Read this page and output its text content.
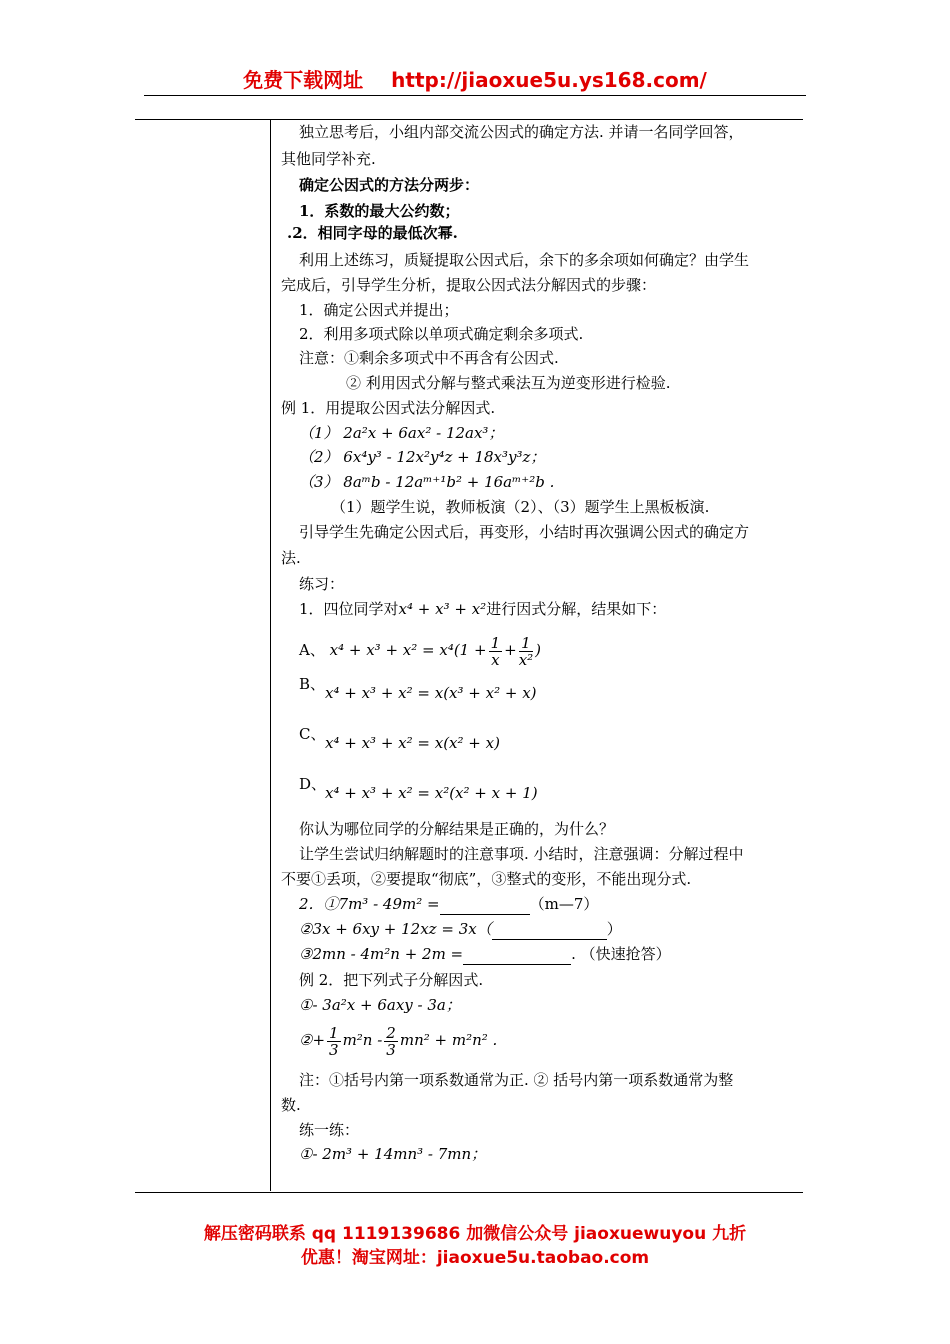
免费下载网址 http://jiaoxue5u.ys168.com/
独立思考后，小组内部交流公因式的确定方法. 并请一名同学回答，
其他同学补充.
确定公因式的方法分两步：
1．系数的最大公约数；
.2．相同字母的最低次幂.
利用上述练习，质疑提取公因式后，余下的多余项如何确定？由学生
完成后，引导学生分析，提取公因式法分解因式的步骤：
1．确定公因式并提出；
2．利用多项式除以单项式确定剩余多项式.
注意：①剩余多项式中不再含有公因式.
② 利用因式分解与整式乘法互为逆变形进行检验.
例 1．用提取公因式法分解因式.
（1） 2a²x + 6ax² - 12ax³；
（2） 6x⁴y³ - 12x²y⁴z + 18x³y³z；
（3） 8aᵐb - 12aᵐ⁺¹b² + 16aᵐ⁺²b .
（1）题学生说，教师板演（2）、（3）题学生上黑板板演.
引导学生先确定公因式后，再变形，小结时再次强调公因式的确定方
法.
练习：
1．四位同学对x⁴ + x³ + x²进行因式分解，结果如下：
A、 $x^4 + x^3 + x^2 = x^4(1 + \frac{1}{x} + \frac{1}{\text{x²}}$ )
B、 x⁴ + x³ + x² = x(x³ + x² + x)
C、 x⁴ + x³ + x² = x(x² + x)
D、
x⁴ + x³ + x² = x²(x² + x + 1)
你认为哪位同学的分解结果是正确的，为什么？
让学生尝试归纳解题时的注意事项. 小结时，注意强调：分解过程中
不要①丢项，②要提取“彻底”，③整式的变形，不能出现分式.
2．①7m³ - 49m² =	（m—7）
②3x + 6xy + 12xz = 3x（	）
③2mn - 4m²n + 2m =	. （快速抢答）
例 2．把下列式子分解因式.
①- 3a²x + 6axy - 3a；
②+ $\frac{1}{3} m^2n - \frac{2}{3} mn^2 + m^2n^2$ .
注：①括号内第一项系数通常为正. ② 括号内第一项系数通常为整
数.
练一练：
①- 2m³ + 14mn³ - 7mn；
解压密码联系 qq 1119139686 加微信公众号 jiaoxuewuyou 九折
优惠！淘宝网址：jiaoxue5u.taobao.com
